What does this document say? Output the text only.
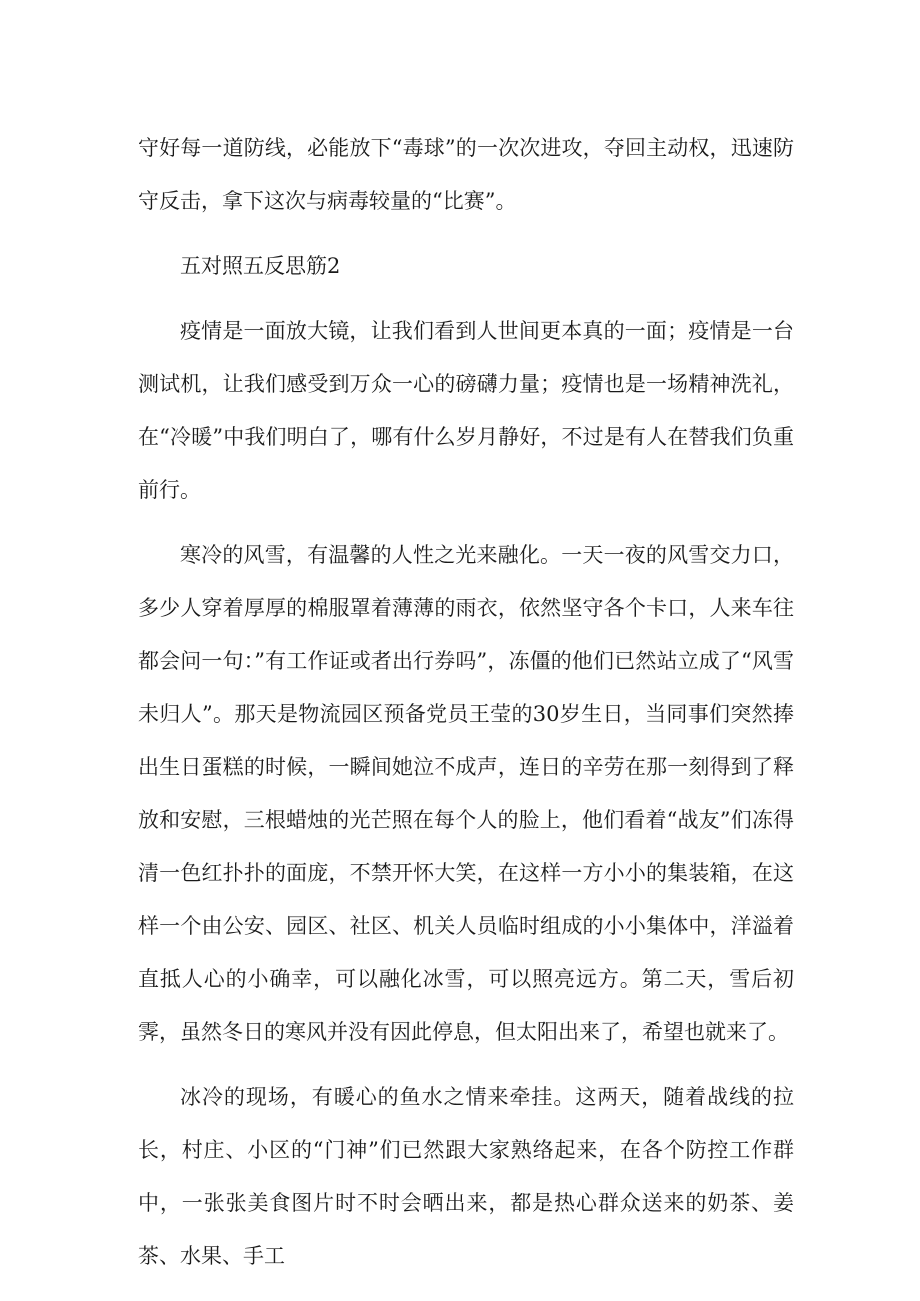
守好每一道防线，必能放下“毒球”的一次次进攻，夺回主动权，迅速防守反击，拿下这次与病毒较量的“比赛”。

五对照五反思筋2

疫情是一面放大镜，让我们看到人世间更本真的一面；疫情是一台测试机，让我们感受到万众一心的磅礴力量；疫情也是一场精神洗礼，在“冷暖”中我们明白了，哪有什么岁月静好，不过是有人在替我们负重前行。

寒冷的风雪，有温馨的人性之光来融化。一天一夜的风雪交力口，多少人穿着厚厚的棉服罩着薄薄的雨衣，依然坚守各个卡口，人来车往都会问一句：”有工作证或者出行券吗”，冻僵的他们已然站立成了“风雪未归人”。那天是物流园区预备党员王莹的30岁生日，当同事们突然捧出生日蛋糕的时候，一瞬间她泣不成声，连日的辛劳在那一刻得到了释放和安慰，三根蜡烛的光芒照在每个人的脸上，他们看着“战友”们冻得清一色红扑扑的面庞，不禁开怀大笑，在这样一方小小的集装箱，在这样一个由公安、园区、社区、机关人员临时组成的小小集体中，洋溢着直抵人心的小确幸，可以融化冰雪，可以照亮远方。第二天，雪后初霁，虽然冬日的寒风并没有因此停息，但太阳出来了，希望也就来了。

冰冷的现场，有暖心的鱼水之情来牵挂。这两天，随着战线的拉长，村庄、小区的“门神”们已然跟大家熟络起来，在各个防控工作群中，一张张美食图片时不时会晒出来，都是热心群众送来的奶茶、姜茶、水果、手工
